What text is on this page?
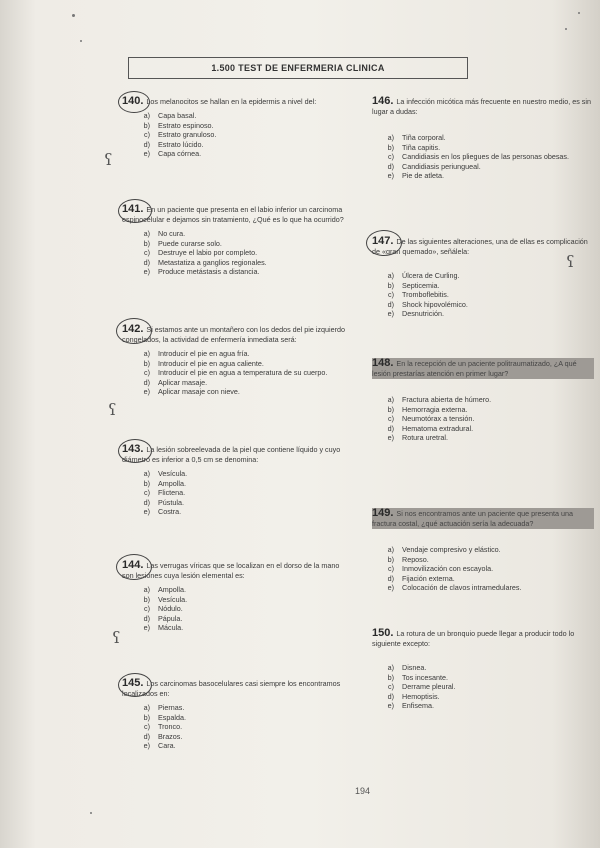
1.500 TEST DE ENFERMERIA CLINICA

140. Los melanocitos se hallan en la epidermis a nivel del:

a)	Capa basal.
b)	Estrato espinoso.
c)	Estrato granuloso.
d)	Estrato lúcido.
e)	Capa córnea.

141. En un paciente que presenta en el labio inferior un carcinoma espinocelular e dejamos sin tratamiento, ¿Qué es lo que ha ocurrido?

a)	No cura.
b)	Puede curarse solo.
c)	Destruye el labio por completo.
d)	Metastatiza a ganglios regionales.
e)	Produce metástasis a distancia.

142. Si estamos ante un montañero con los dedos del pie izquierdo congelados, la actividad de enfermería inmediata será:

a)	Introducir el pie en agua fría.
b)	Introducir el pie en agua caliente.
c)	Introducir el pie en agua a temperatura de su cuerpo.
d)	Aplicar masaje.
e)	Aplicar masaje con nieve.

143. La lesión sobreelevada de la piel que contiene líquido y cuyo diámetro es inferior a 0,5 cm se denomina:

a)	Vesícula.
b)	Ampolla.
c)	Flictena.
d)	Pústula.
e)	Costra.

144. Las verrugas víricas que se localizan en el dorso de la mano son lesiones cuya lesión elemental es:

a)	Ampolla.
b)	Vesícula.
c)	Nódulo.
d)	Pápula.
e)	Mácula.

145. Los carcinomas basocelulares casi siempre los encontramos localizados en:

a)	Piernas.
b)	Espalda.
c)	Tronco.
d)	Brazos.
e)	Cara.

146. La infección micótica más frecuente en nuestro medio, es sin lugar a dudas:

a)	Tiña corporal.
b)	Tiña capitis.
c)	Candidiasis en los pliegues de las personas obesas.
d)	Candidiasis periungueal.
e)	Pie de atleta.

147. De las siguientes alteraciones, una de ellas es complicación de «gran quemado», señálela:

a)	Úlcera de Curling.
b)	Septicemia.
c)	Tromboflebitis.
d)	Shock hipovolémico.
e)	Desnutrición.

148. En la recepción de un paciente politraumatizado, ¿A qué lesión prestarías atención en primer lugar?

a)	Fractura abierta de húmero.
b)	Hemorragia externa.
c)	Neumotórax a tensión.
d)	Hematoma extradural.
e)	Rotura uretral.

149. Si nos encontramos ante un paciente que presenta una fractura costal, ¿qué actuación sería la adecuada?

a)	Vendaje compresivo y elástico.
b)	Reposo.
c)	Inmovilización con escayola.
d)	Fijación externa.
e)	Colocación de clavos intramedulares.

150. La rotura de un bronquio puede llegar a producir todo lo siguiente excepto:

a)	Disnea.
b)	Tos incesante.
c)	Derrame pleural.
d)	Hemoptisis.
e)	Enfisema.
ʕ
ʕ
ʕ
ʕ
194
